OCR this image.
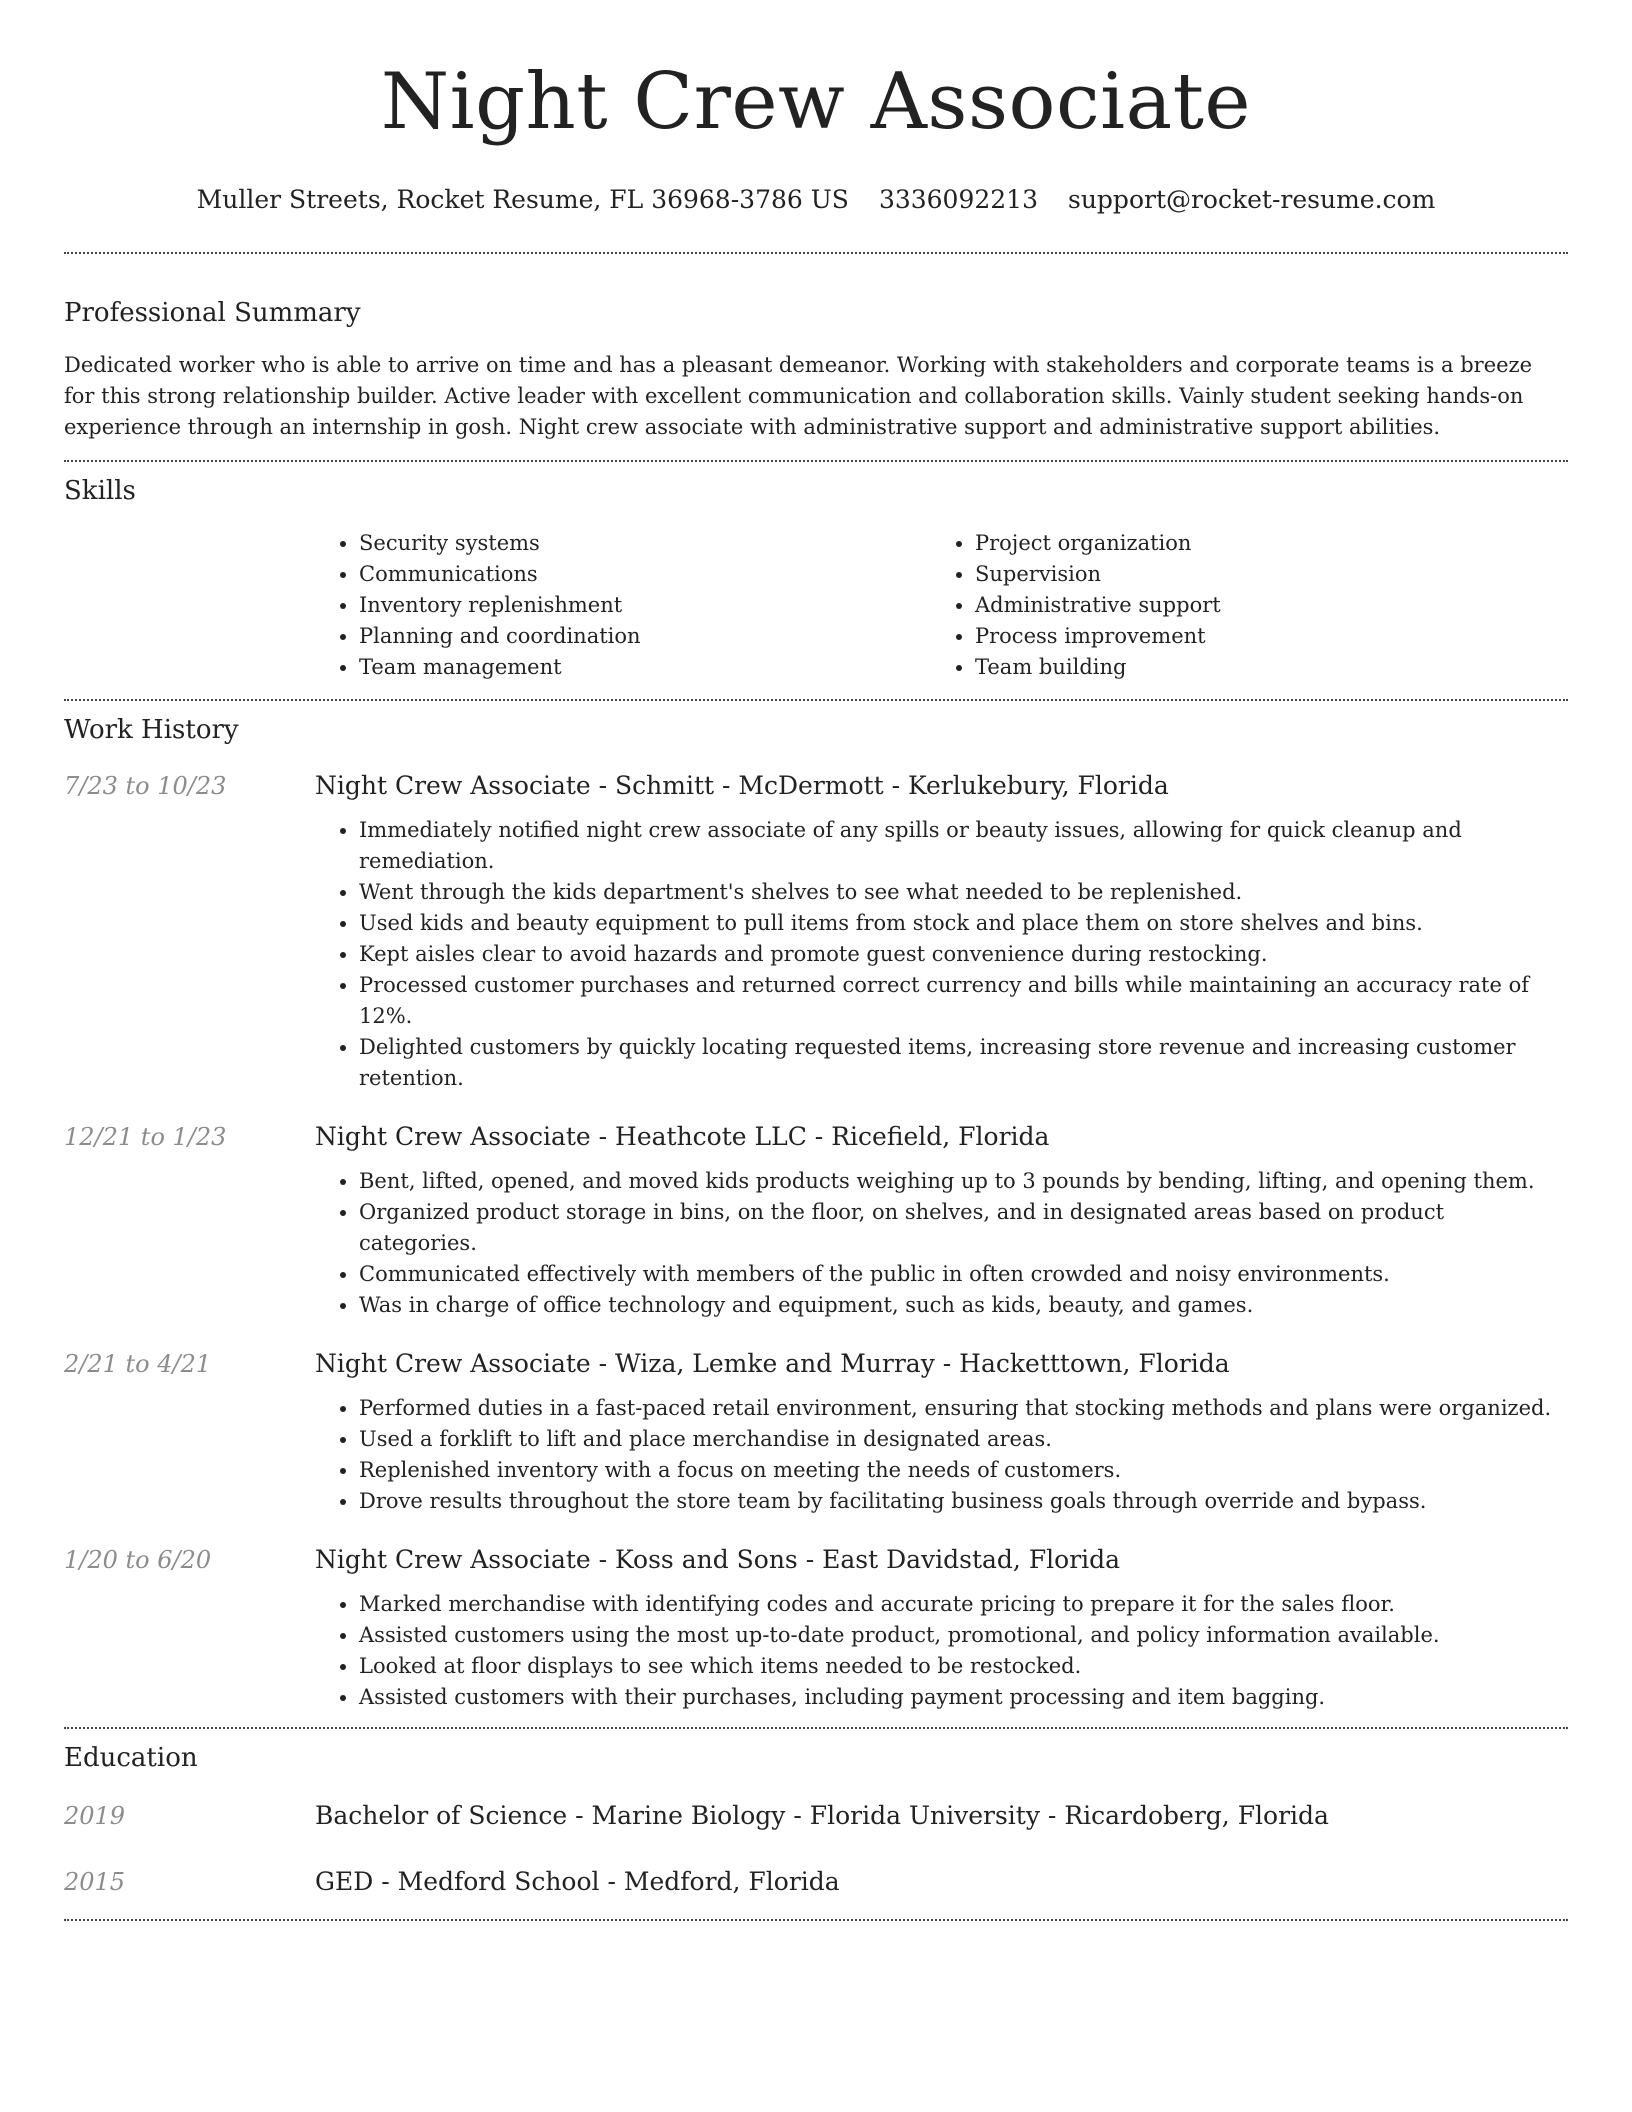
Night Crew Associate
Muller Streets, Rocket Resume, FL 36968-3786 US 3336092213 support@rocket-resume.com
Professional Summary

Dedicated worker who is able to arrive on time and has a pleasant demeanor. Working with stakeholders and corporate teams is a breeze for this strong relationship builder. Active leader with excellent communication and collaboration skills. Vainly student seeking hands-on experience through an internship in gosh. Night crew associate with administrative support and administrative support abilities.

Skills
• Security systems
• Communications
• Inventory replenishment
• Planning and coordination
• Team management
• Project organization
• Supervision
• Administrative support
• Process improvement
• Team building
Work History
7/23 to 10/23	Night Crew Associate - Schmitt - McDermott - Kerlukebury, Florida
• Immediately notified night crew associate of any spills or beauty issues, allowing for quick cleanup and remediation.
• Went through the kids department's shelves to see what needed to be replenished.
• Used kids and beauty equipment to pull items from stock and place them on store shelves and bins.
• Kept aisles clear to avoid hazards and promote guest convenience during restocking.
• Processed customer purchases and returned correct currency and bills while maintaining an accuracy rate of 12%.
• Delighted customers by quickly locating requested items, increasing store revenue and increasing customer retention.
12/21 to 1/23	Night Crew Associate - Heathcote LLC - Ricefield, Florida
• Bent, lifted, opened, and moved kids products weighing up to 3 pounds by bending, lifting, and opening them.
• Organized product storage in bins, on the floor, on shelves, and in designated areas based on product categories.
• Communicated effectively with members of the public in often crowded and noisy environments.
• Was in charge of office technology and equipment, such as kids, beauty, and games.
2/21 to 4/21	Night Crew Associate - Wiza, Lemke and Murray - Hacketttown, Florida
• Performed duties in a fast-paced retail environment, ensuring that stocking methods and plans were organized.
• Used a forklift to lift and place merchandise in designated areas.
• Replenished inventory with a focus on meeting the needs of customers.
• Drove results throughout the store team by facilitating business goals through override and bypass.
1/20 to 6/20	Night Crew Associate - Koss and Sons - East Davidstad, Florida
• Marked merchandise with identifying codes and accurate pricing to prepare it for the sales floor.
• Assisted customers using the most up-to-date product, promotional, and policy information available.
• Looked at floor displays to see which items needed to be restocked.
• Assisted customers with their purchases, including payment processing and item bagging.
Education
2019	Bachelor of Science - Marine Biology - Florida University - Ricardoberg, Florida
2015	GED - Medford School - Medford, Florida
